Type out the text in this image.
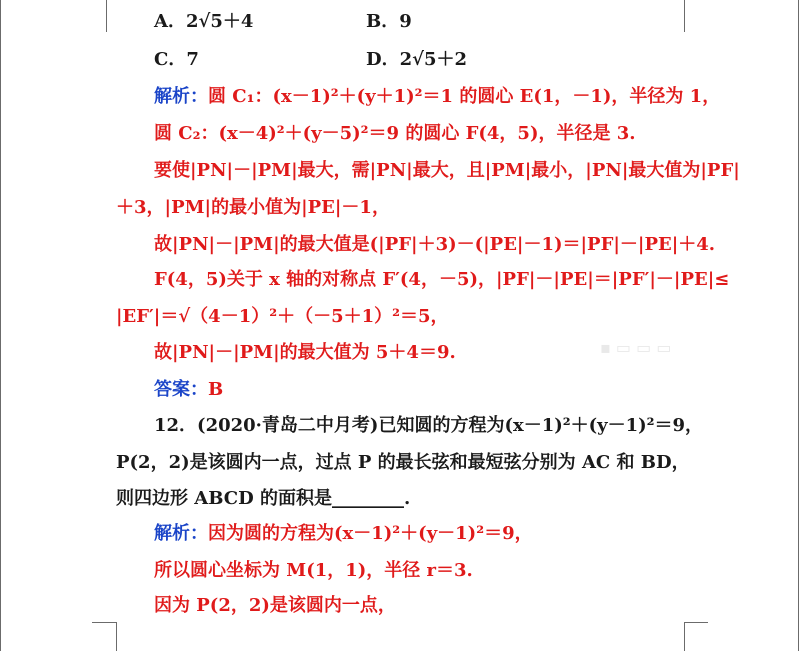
▪ ▭ ▭ ▭
A．2√5＋4	B．9
C．7	D．2√5＋2
解析：圆 C₁：(x－1)²＋(y＋1)²＝1 的圆心 E(1，－1)，半径为 1，
圆 C₂：(x－4)²＋(y－5)²＝9 的圆心 F(4，5)，半径是 3.
要使|PN|－|PM|最大，需|PN|最大，且|PM|最小，|PN|最大值为|PF|
＋3，|PM|的最小值为|PE|－1，
故|PN|－|PM|的最大值是(|PF|＋3)－(|PE|－1)＝|PF|－|PE|＋4.
F(4，5)关于 x 轴的对称点 F′(4，－5)，|PF|－|PE|＝|PF′|－|PE|≤
|EF′|＝√（4－1）²＋（－5＋1）²＝5，
故|PN|－|PM|的最大值为 5＋4＝9.
答案：B
12．(2020·青岛二中月考)已知圆的方程为(x－1)²＋(y－1)²＝9，
P(2，2)是该圆内一点，过点 P 的最长弦和最短弦分别为 AC 和 BD，
则四边形 ABCD 的面积是________.
解析：因为圆的方程为(x－1)²＋(y－1)²＝9，
所以圆心坐标为 M(1，1)，半径 r＝3.
因为 P(2，2)是该圆内一点，
